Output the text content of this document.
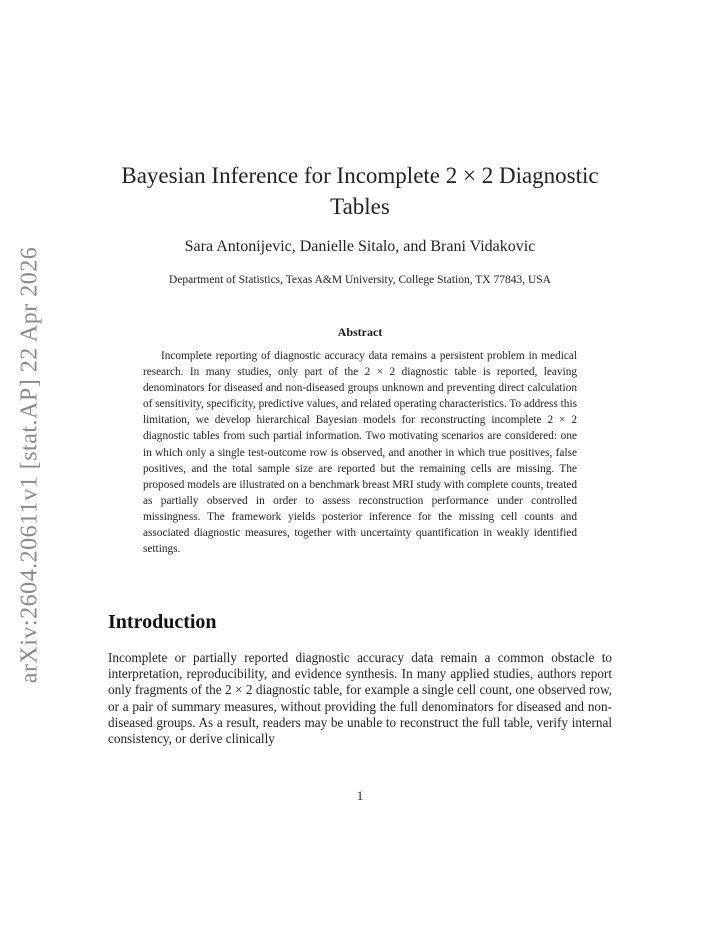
arXiv:2604.20611v1 [stat.AP] 22 Apr 2026
Bayesian Inference for Incomplete 2 × 2 Diagnostic Tables
Sara Antonijevic, Danielle Sitalo, and Brani Vidakovic
Department of Statistics, Texas A&M University, College Station, TX 77843, USA
Abstract

Incomplete reporting of diagnostic accuracy data remains a persistent problem in medical research. In many studies, only part of the 2 × 2 diagnostic table is reported, leaving denominators for diseased and non-diseased groups unknown and preventing direct calculation of sensitivity, specificity, predictive values, and related operating characteristics. To address this limitation, we develop hierarchical Bayesian models for reconstructing incomplete 2 × 2 diagnostic tables from such partial information. Two motivating scenarios are considered: one in which only a single test-outcome row is observed, and another in which true positives, false positives, and the total sample size are reported but the remaining cells are missing. The proposed models are illustrated on a benchmark breast MRI study with complete counts, treated as partially observed in order to assess reconstruction performance under controlled missingness. The framework yields posterior inference for the missing cell counts and associated diagnostic measures, together with uncertainty quantification in weakly identified settings.

Introduction

Incomplete or partially reported diagnostic accuracy data remain a common obstacle to interpretation, reproducibility, and evidence synthesis. In many applied studies, authors report only fragments of the 2 × 2 diagnostic table, for example a single cell count, one observed row, or a pair of summary measures, without providing the full denominators for diseased and non-diseased groups. As a result, readers may be unable to reconstruct the full table, verify internal consistency, or derive clinically

1
